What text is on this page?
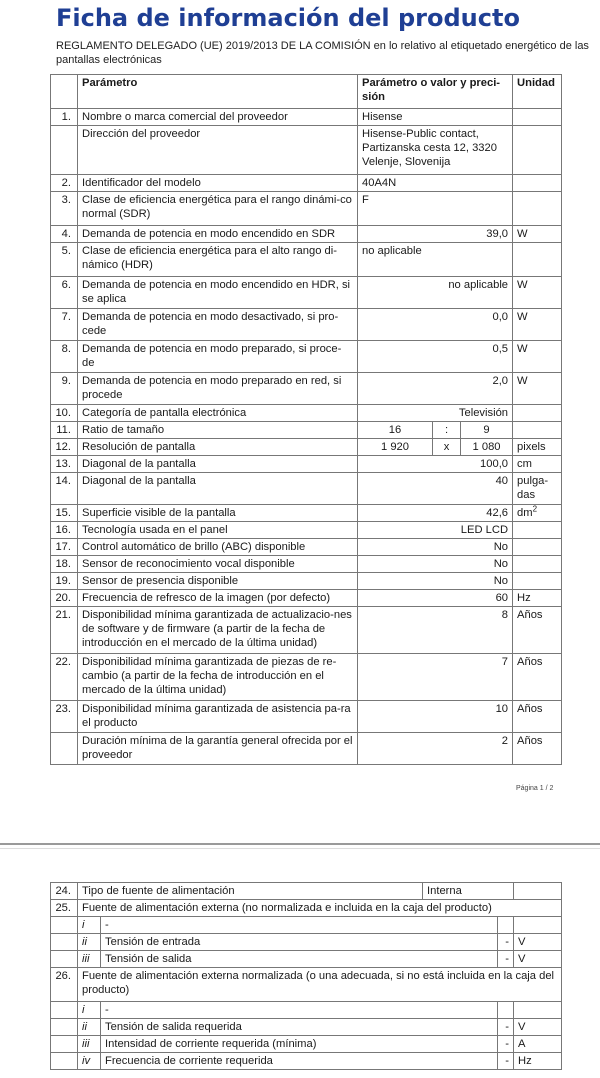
Ficha de información del producto
REGLAMENTO DELEGADO (UE) 2019/2013 DE LA COMISIÓN en lo relativo al etiquetado energético de las pantallas electrónicas
	Parámetro	Parámetro o valor y preci-sión			Unidad
1.	Nombre o marca comercial del proveedor	Hisense			
	Dirección del proveedor	Hisense-Public contact, Partizanska cesta 12, 3320 Velenje, Slovenija			
2.	Identificador del modelo	40A4N			
3.	Clase de eficiencia energética para el rango dinámi-co normal (SDR)	F			
4.	Demanda de potencia en modo encendido en SDR	39,0			W
5.	Clase de eficiencia energética para el alto rango di-námico (HDR)	no aplicable			
6.	Demanda de potencia en modo encendido en HDR, si se aplica	no aplicable			W
7.	Demanda de potencia en modo desactivado, si pro-cede	0,0			W
8.	Demanda de potencia en modo preparado, si proce-de	0,5			W
9.	Demanda de potencia en modo preparado en red, si procede	2,0			W
10.	Categoría de pantalla electrónica	Televisión			
11.	Ratio de tamaño	16	:	9	
12.	Resolución de pantalla	1 920	x	1 080	pixels
13.	Diagonal de la pantalla	100,0			cm
14.	Diagonal de la pantalla	40			pulga-das
15.	Superficie visible de la pantalla	42,6			$dm^2$
16.	Tecnología usada en el panel	LED LCD			
17.	Control automático de brillo (ABC) disponible	No			
18.	Sensor de reconocimiento vocal disponible	No			
19.	Sensor de presencia disponible	No			
20.	Frecuencia de refresco de la imagen (por defecto)	60			Hz
21.	Disponibilidad mínima garantizada de actualizacio-nes de software y de firmware (a partir de la fecha de introducción en el mercado de la última unidad)	8			Años
22.	Disponibilidad mínima garantizada de piezas de re-cambio (a partir de la fecha de introducción en el mercado de la última unidad)	7			Años
23.	Disponibilidad mínima garantizada de asistencia pa-ra el producto	10			Años
	Duración mínima de la garantía general ofrecida por el proveedor	2			Años
Página 1 / 2
24.	Tipo de fuente de alimentación		Interna		
25.	Fuente de alimentación externa (no normalizada e incluida en la caja del producto)				
	i	-			
	ii	Tensión de entrada		-	V
	iii	Tensión de salida		-	V
26.	Fuente de alimentación externa normalizada (o una adecuada, si no está incluida en la caja del producto)				
	i	-			
	ii	Tensión de salida requerida		-	V
	iii	Intensidad de corriente requerida (mínima)		-	A
	iv	Frecuencia de corriente requerida		-	Hz
